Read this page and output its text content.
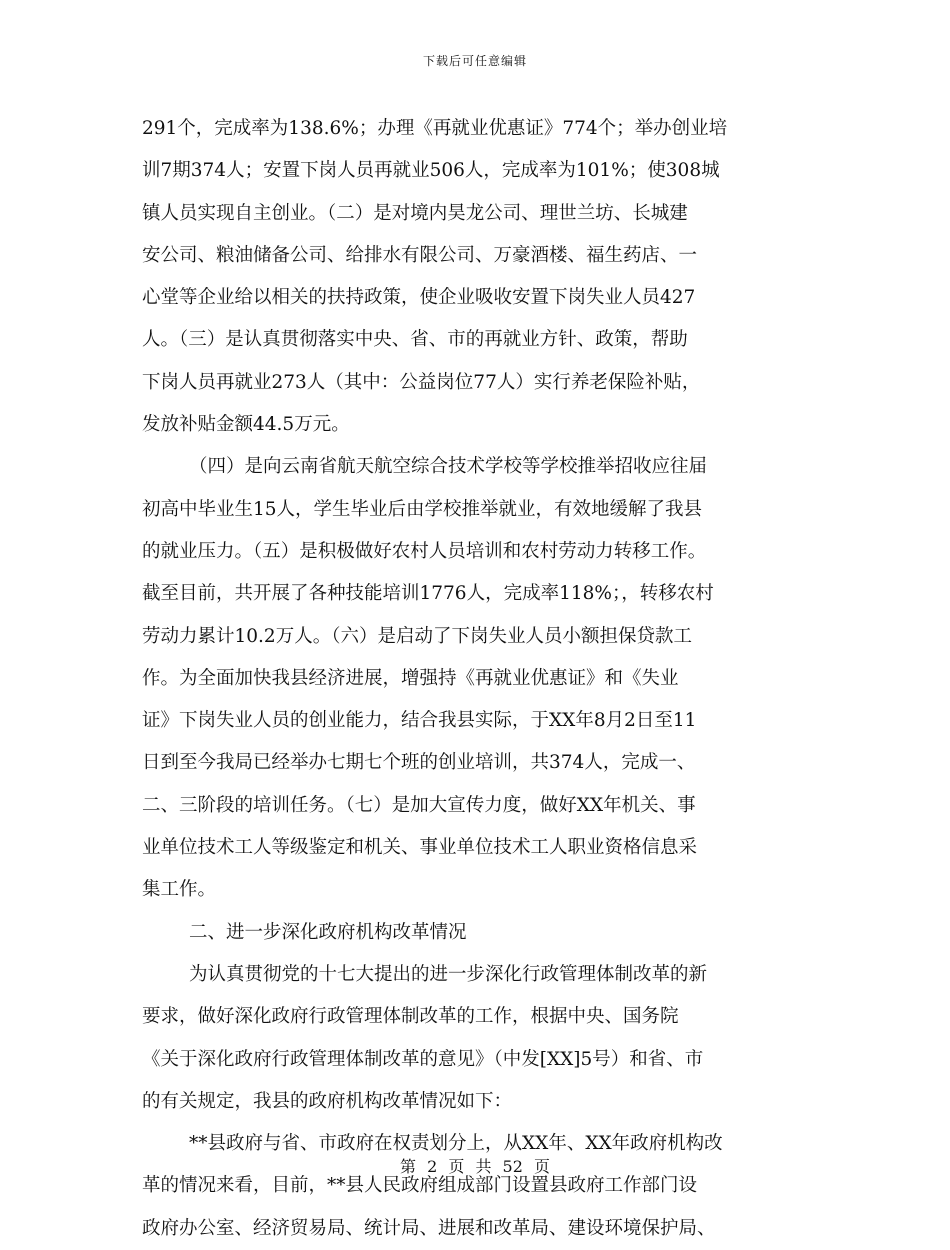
下载后可任意编辑
291个，完成率为138.6%；办理《再就业优惠证》774个；举办创业培
训7期374人；安置下岗人员再就业506人，完成率为101%；使308城
镇人员实现自主创业。（二）是对境内昊龙公司、理世兰坊、长城建
安公司、粮油储备公司、给排水有限公司、万豪酒楼、福生药店、一
心堂等企业给以相关的扶持政策，使企业吸收安置下岗失业人员427
人。（三）是认真贯彻落实中央、省、市的再就业方针、政策，帮助
下岗人员再就业273人（其中：公益岗位77人）实行养老保险补贴，
发放补贴金额44.5万元。
（四）是向云南省航天航空综合技术学校等学校推举招收应往届
初高中毕业生15人，学生毕业后由学校推举就业，有效地缓解了我县
的就业压力。（五）是积极做好农村人员培训和农村劳动力转移工作。
截至目前，共开展了各种技能培训1776人，完成率118%；，转移农村
劳动力累计10.2万人。（六）是启动了下岗失业人员小额担保贷款工
作。为全面加快我县经济进展，增强持《再就业优惠证》和《失业
证》下岗失业人员的创业能力，结合我县实际，于XX年8月2日至11
日到至今我局已经举办七期七个班的创业培训，共374人，完成一、
二、三阶段的培训任务。（七）是加大宣传力度，做好XX年机关、事
业单位技术工人等级鉴定和机关、事业单位技术工人职业资格信息采
集工作。
二、进一步深化政府机构改革情况
为认真贯彻党的十七大提出的进一步深化行政管理体制改革的新
要求，做好深化政府行政管理体制改革的工作，根据中央、国务院
《关于深化政府行政管理体制改革的意见》（中发[XX]5号）和省、市
的有关规定，我县的政府机构改革情况如下：
**县政府与省、市政府在权责划分上，从XX年、XX年政府机构改
革的情况来看，目前，**县人民政府组成部门设置县政府工作部门设
政府办公室、经济贸易局、统计局、进展和改革局、建设环境保护局、
第 2 页 共 52 页
